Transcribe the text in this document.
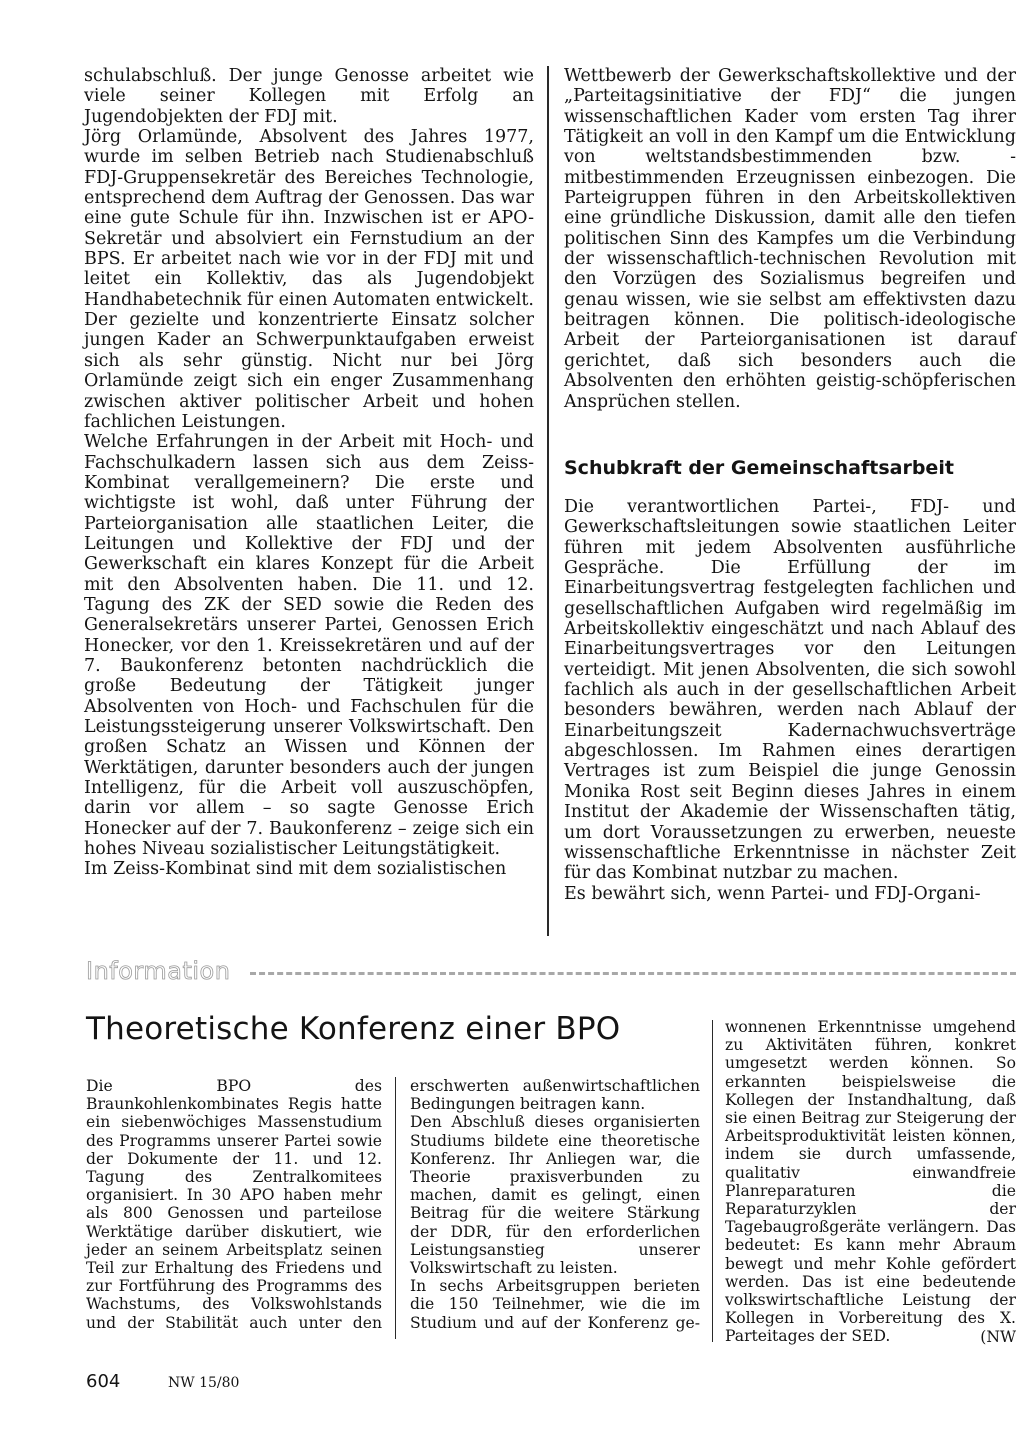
schulabschluß. Der junge Genosse arbeitet wie viele seiner Kollegen mit Erfolg an Jugendobjekten der FDJ mit.

Jörg Orlamünde, Absolvent des Jahres 1977, wurde im selben Betrieb nach Studienabschluß FDJ-Gruppensekretär des Bereiches Technologie, entsprechend dem Auftrag der Genossen. Das war eine gute Schule für ihn. Inzwischen ist er APO-Sekretär und absolviert ein Fernstudium an der BPS. Er arbeitet nach wie vor in der FDJ mit und leitet ein Kollektiv, das als Jugendobjekt Handhabetechnik für einen Automaten entwickelt. Der gezielte und konzentrierte Einsatz solcher jungen Kader an Schwerpunktaufgaben erweist sich als sehr günstig. Nicht nur bei Jörg Orlamünde zeigt sich ein enger Zusammenhang zwischen aktiver politischer Arbeit und hohen fachlichen Leistungen.

Welche Erfahrungen in der Arbeit mit Hoch- und Fachschulkadern lassen sich aus dem Zeiss-Kombinat verallgemeinern? Die erste und wichtigste ist wohl, daß unter Führung der Parteiorganisation alle staatlichen Leiter, die Leitungen und Kollektive der FDJ und der Gewerkschaft ein klares Konzept für die Arbeit mit den Absolventen haben. Die 11. und 12. Tagung des ZK der SED sowie die Reden des Generalsekretärs unserer Partei, Genossen Erich Honecker, vor den 1. Kreissekretären und auf der 7. Baukonferenz betonten nachdrücklich die große Bedeutung der Tätigkeit junger Absolventen von Hoch- und Fachschulen für die Leistungssteigerung unserer Volkswirtschaft. Den großen Schatz an Wissen und Können der Werktätigen, darunter besonders auch der jungen Intelligenz, für die Arbeit voll auszuschöpfen, darin vor allem – so sagte Genosse Erich Honecker auf der 7. Baukonferenz – zeige sich ein hohes Niveau sozialistischer Leitungstätigkeit.

Im Zeiss-Kombinat sind mit dem sozialistischen

Wettbewerb der Gewerkschaftskollektive und der „Parteitagsinitiative der FDJ“ die jungen wissenschaftlichen Kader vom ersten Tag ihrer Tätigkeit an voll in den Kampf um die Entwicklung von weltstandsbestimmenden bzw. -mitbestimmenden Erzeugnissen einbezogen. Die Parteigruppen führen in den Arbeitskollektiven eine gründliche Diskussion, damit alle den tiefen politischen Sinn des Kampfes um die Verbindung der wissenschaftlich-technischen Revolution mit den Vorzügen des Sozialismus begreifen und genau wissen, wie sie selbst am effektivsten dazu beitragen können. Die politisch-ideologische Arbeit der Parteiorganisationen ist darauf gerichtet, daß sich besonders auch die Absolventen den erhöhten geistig-schöpferischen Ansprüchen stellen.

Schubkraft der Gemeinschaftsarbeit

Die verantwortlichen Partei-, FDJ- und Gewerkschaftsleitungen sowie staatlichen Leiter führen mit jedem Absolventen ausführliche Gespräche. Die Erfüllung der im Einarbeitungsvertrag festgelegten fachlichen und gesellschaftlichen Aufgaben wird regelmäßig im Arbeitskollektiv eingeschätzt und nach Ablauf des Einarbeitungsvertrages vor den Leitungen verteidigt. Mit jenen Absolventen, die sich sowohl fachlich als auch in der gesellschaftlichen Arbeit besonders bewähren, werden nach Ablauf der Einarbeitungszeit Kadernachwuchsverträge abgeschlossen. Im Rahmen eines derartigen Vertrages ist zum Beispiel die junge Genossin Monika Rost seit Beginn dieses Jahres in einem Institut der Akademie der Wissenschaften tätig, um dort Voraussetzungen zu erwerben, neueste wissenschaftliche Erkenntnisse in nächster Zeit für das Kombinat nutzbar zu machen.

Es bewährt sich, wenn Partei- und FDJ-Organi-

Information
Theoretische Konferenz einer BPO

Die BPO des Braunkohlenkombinates Regis hatte ein siebenwöchiges Massenstudium des Programms unserer Partei sowie der Dokumente der 11. und 12. Tagung des Zentralkomitees organisiert. In 30 APO haben mehr als 800 Genossen und parteilose Werktätige darüber diskutiert, wie jeder an seinem Arbeitsplatz seinen Teil zur Erhaltung des Friedens und zur Fortführung des Programms des Wachstums, des Volkswohlstands und der Stabilität auch unter den

erschwerten außenwirtschaftlichen Bedingungen beitragen kann.

Den Abschluß dieses organisierten Studiums bildete eine theoretische Konferenz. Ihr Anliegen war, die Theorie praxisverbunden zu machen, damit es gelingt, einen Beitrag für die weitere Stärkung der DDR, für den erforderlichen Leistungsanstieg unserer Volkswirtschaft zu leisten.

In sechs Arbeitsgruppen berieten die 150 Teilnehmer, wie die im Studium und auf der Konferenz ge-

wonnenen Erkenntnisse umgehend zu Aktivitäten führen, konkret umgesetzt werden können. So erkannten beispielsweise die Kollegen der Instandhaltung, daß sie einen Beitrag zur Steigerung der Arbeitsproduktivität leisten können, indem sie durch umfassende, qualitativ einwandfreie Planreparaturen die Reparaturzyklen der Tagebaugroßgeräte verlängern. Das bedeutet: Es kann mehr Abraum bewegt und mehr Kohle gefördert werden. Das ist eine bedeutende volkswirtschaftliche Leistung der Kollegen in Vorbereitung des X. Parteitages der SED.	(NW

604	NW 15/80
